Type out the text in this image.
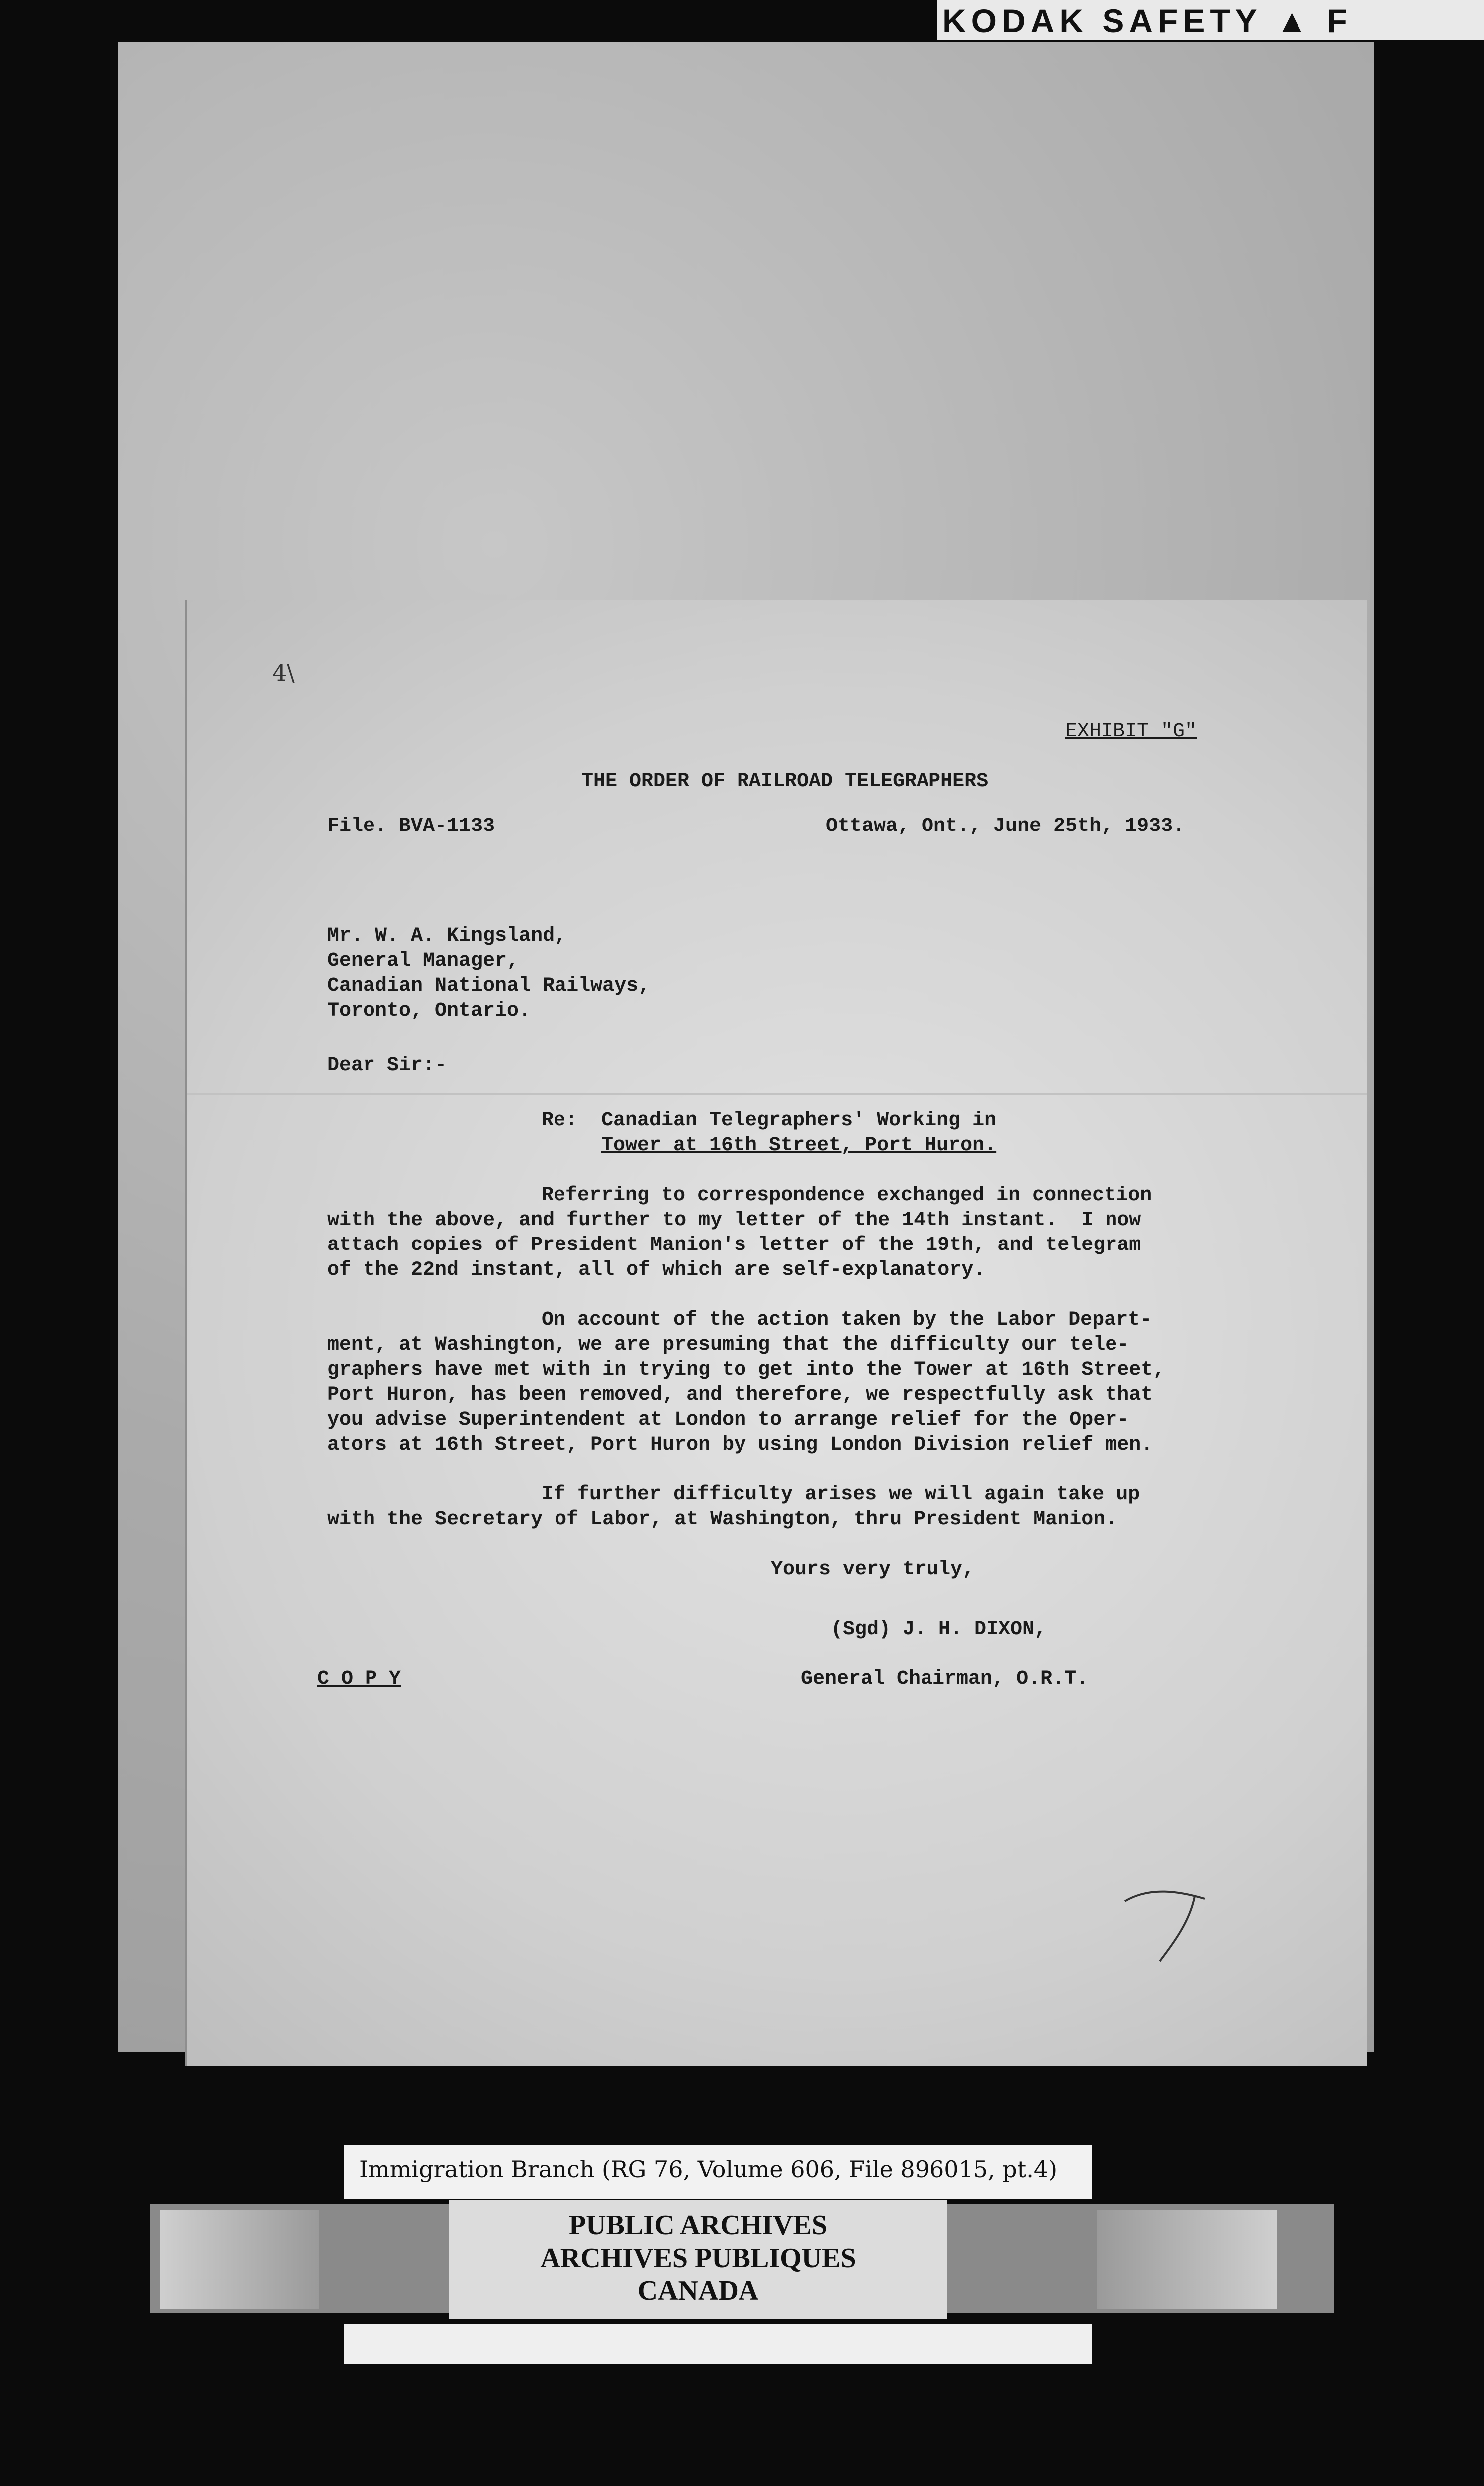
KODAK SAFETY ▲ F
4\
EXHIBIT "G"
THE ORDER OF RAILROAD TELEGRAPHERS
File. BVA-1133	Ottawa, Ont., June 25th, 1933.
Mr. W. A. Kingsland,
General Manager,
Canadian National Railways,
Toronto, Ontario.
Dear Sir:-
Re: Canadian Telegraphers' Working in
Tower at 16th Street, Port Huron.
Referring to correspondence exchanged in connection
with the above, and further to my letter of the 14th instant.  I now
attach copies of President Manion's letter of the 19th, and telegram
of the 22nd instant, all of which are self-explanatory.
On account of the action taken by the Labor Depart-
ment, at Washington, we are presuming that the difficulty our tele-
graphers have met with in trying to get into the Tower at 16th Street,
Port Huron, has been removed, and therefore, we respectfully ask that
you advise Superintendent at London to arrange relief for the Oper-
ators at 16th Street, Port Huron by using London Division relief men.
If further difficulty arises we will again take up
with the Secretary of Labor, at Washington, thru President Manion.
Yours very truly,
(Sgd) J. H. DIXON,
C O P Y	General Chairman, O.R.T.
Immigration Branch (RG 76, Volume 606, File 896015, pt.4)
PUBLIC ARCHIVES
ARCHIVES PUBLIQUES
CANADA
